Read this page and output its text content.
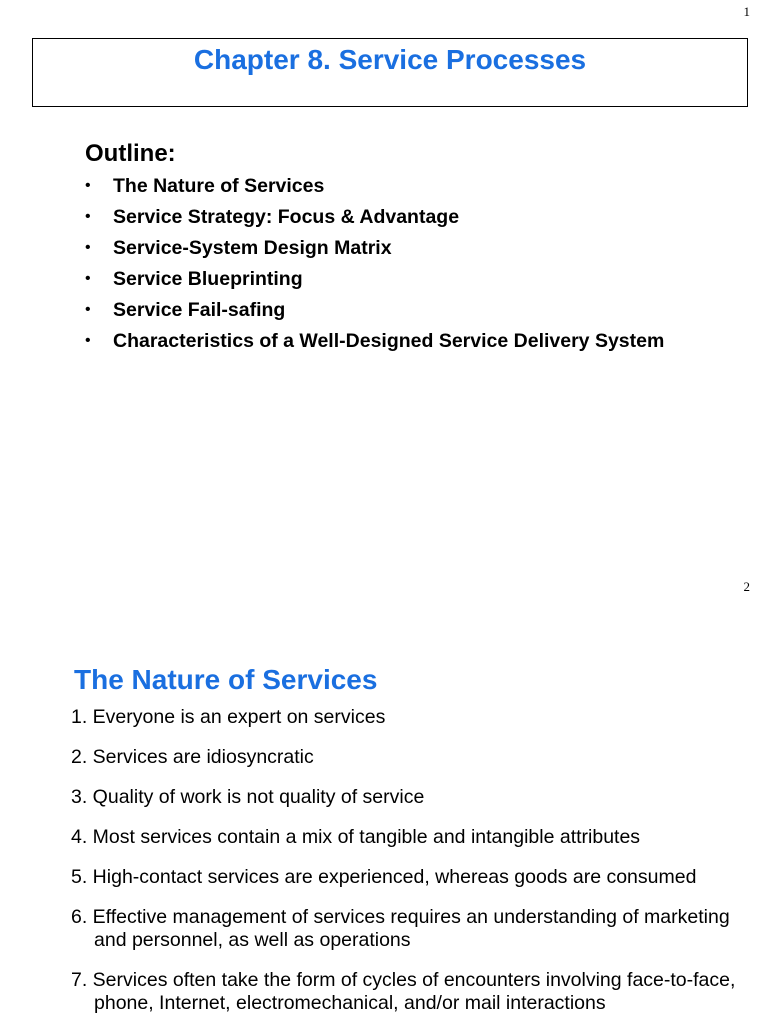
1
Chapter 8. Service Processes
Outline:
• The Nature of Services
• Service Strategy: Focus & Advantage
• Service-System Design Matrix
• Service Blueprinting
• Service Fail-safing
• Characteristics of a Well-Designed Service Delivery System
2
The Nature of Services
1. Everyone is an expert on services
2. Services are idiosyncratic
3. Quality of work is not quality of service
4. Most services contain a mix of tangible and intangible attributes
5. High-contact services are experienced, whereas goods are consumed
6. Effective management of services requires an understanding of marketing and personnel, as well as operations
7. Services often take the form of cycles of encounters involving face-to-face, phone, Internet, electromechanical, and/or mail interactions
